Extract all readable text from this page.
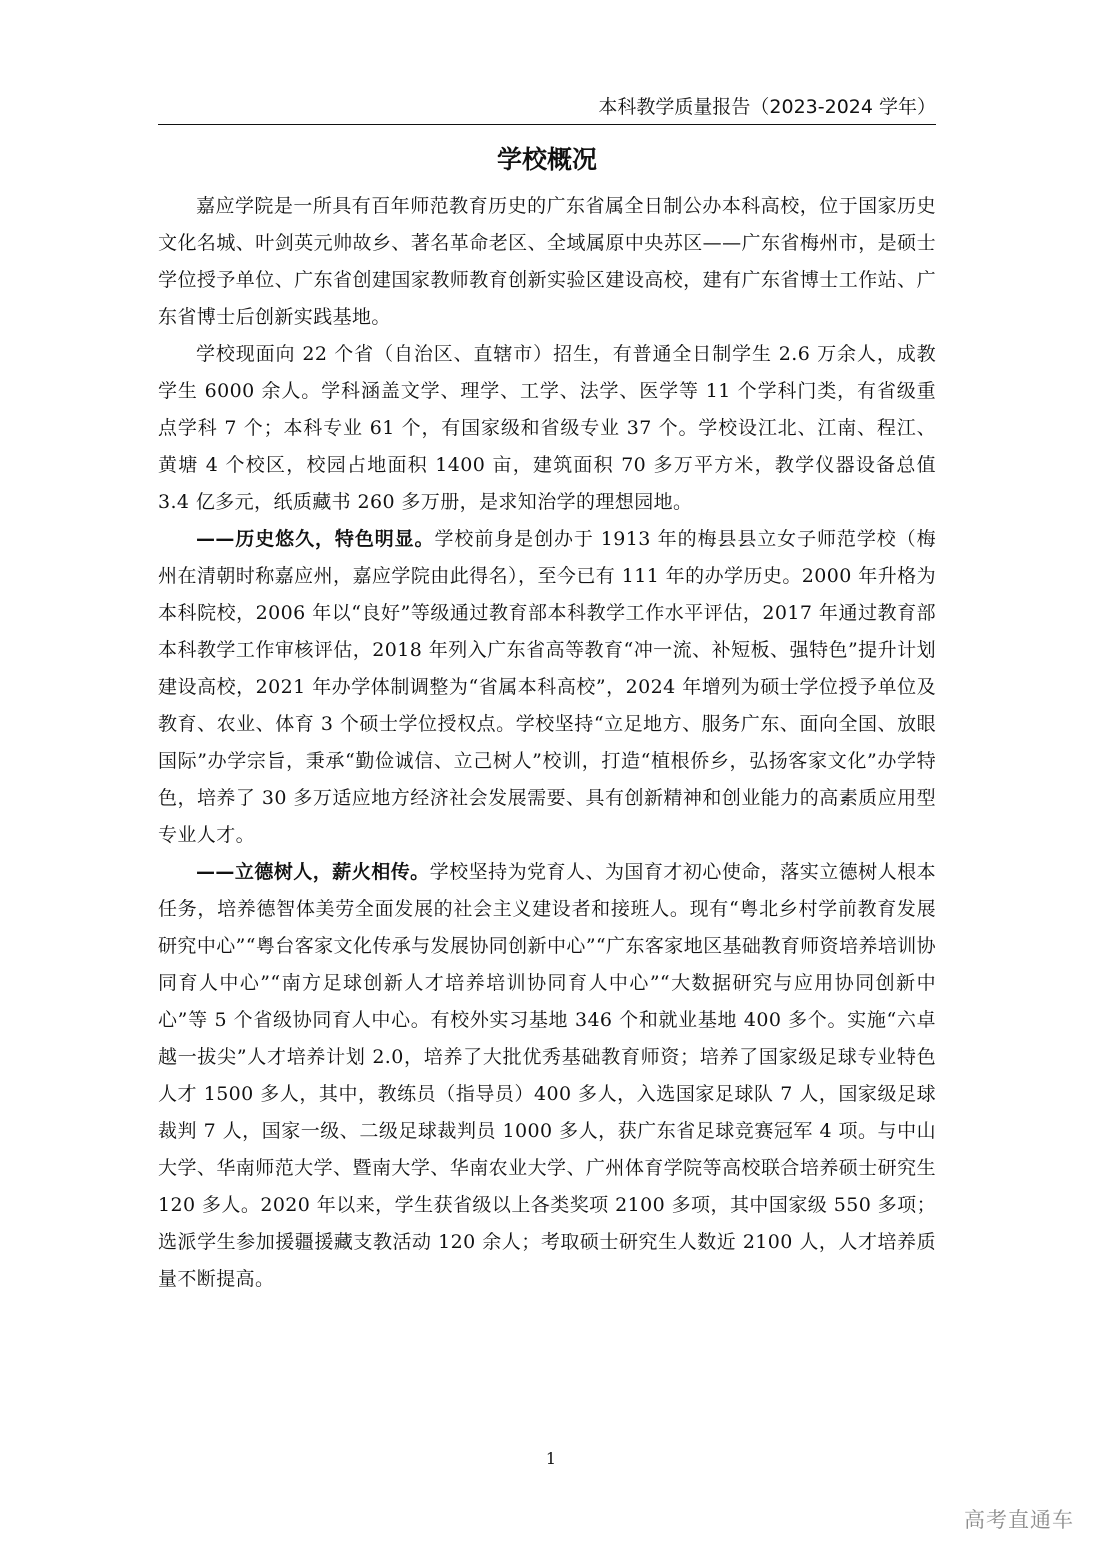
本科教学质量报告（2023-2024 学年）
学校概况

嘉应学院是一所具有百年师范教育历史的广东省属全日制公办本科高校，位于国家历史文化名城、叶剑英元帅故乡、著名革命老区、全域属原中央苏区——广东省梅州市，是硕士学位授予单位、广东省创建国家教师教育创新实验区建设高校，建有广东省博士工作站、广东省博士后创新实践基地。

学校现面向 22 个省（自治区、直辖市）招生，有普通全日制学生 2.6 万余人，成教学生 6000 余人。学科涵盖文学、理学、工学、法学、医学等 11 个学科门类，有省级重点学科 7 个；本科专业 61 个，有国家级和省级专业 37 个。学校设江北、江南、程江、黄塘 4 个校区，校园占地面积 1400 亩，建筑面积 70 多万平方米，教学仪器设备总值 3.4 亿多元，纸质藏书 260 多万册，是求知治学的理想园地。

——历史悠久，特色明显。学校前身是创办于 1913 年的梅县县立女子师范学校（梅州在清朝时称嘉应州，嘉应学院由此得名），至今已有 111 年的办学历史。2000 年升格为本科院校，2006 年以“良好”等级通过教育部本科教学工作水平评估，2017 年通过教育部本科教学工作审核评估，2018 年列入广东省高等教育“冲一流、补短板、强特色”提升计划建设高校，2021 年办学体制调整为“省属本科高校”，2024 年增列为硕士学位授予单位及教育、农业、体育 3 个硕士学位授权点。学校坚持“立足地方、服务广东、面向全国、放眼国际”办学宗旨，秉承“勤俭诚信、立己树人”校训，打造“植根侨乡，弘扬客家文化”办学特色，培养了 30 多万适应地方经济社会发展需要、具有创新精神和创业能力的高素质应用型专业人才。

——立德树人，薪火相传。学校坚持为党育人、为国育才初心使命，落实立德树人根本任务，培养德智体美劳全面发展的社会主义建设者和接班人。现有“粤北乡村学前教育发展研究中心”“粤台客家文化传承与发展协同创新中心”“广东客家地区基础教育师资培养培训协同育人中心”“南方足球创新人才培养培训协同育人中心”“大数据研究与应用协同创新中心”等 5 个省级协同育人中心。有校外实习基地 346 个和就业基地 400 多个。实施“六卓越一拔尖”人才培养计划 2.0，培养了大批优秀基础教育师资；培养了国家级足球专业特色人才 1500 多人，其中，教练员（指导员）400 多人，入选国家足球队 7 人，国家级足球裁判 7 人，国家一级、二级足球裁判员 1000 多人，获广东省足球竞赛冠军 4 项。与中山大学、华南师范大学、暨南大学、华南农业大学、广州体育学院等高校联合培养硕士研究生 120 多人。2020 年以来，学生获省级以上各类奖项 2100 多项，其中国家级 550 多项；选派学生参加援疆援藏支教活动 120 余人；考取硕士研究生人数近 2100 人，人才培养质量不断提高。

1
高考直通车
